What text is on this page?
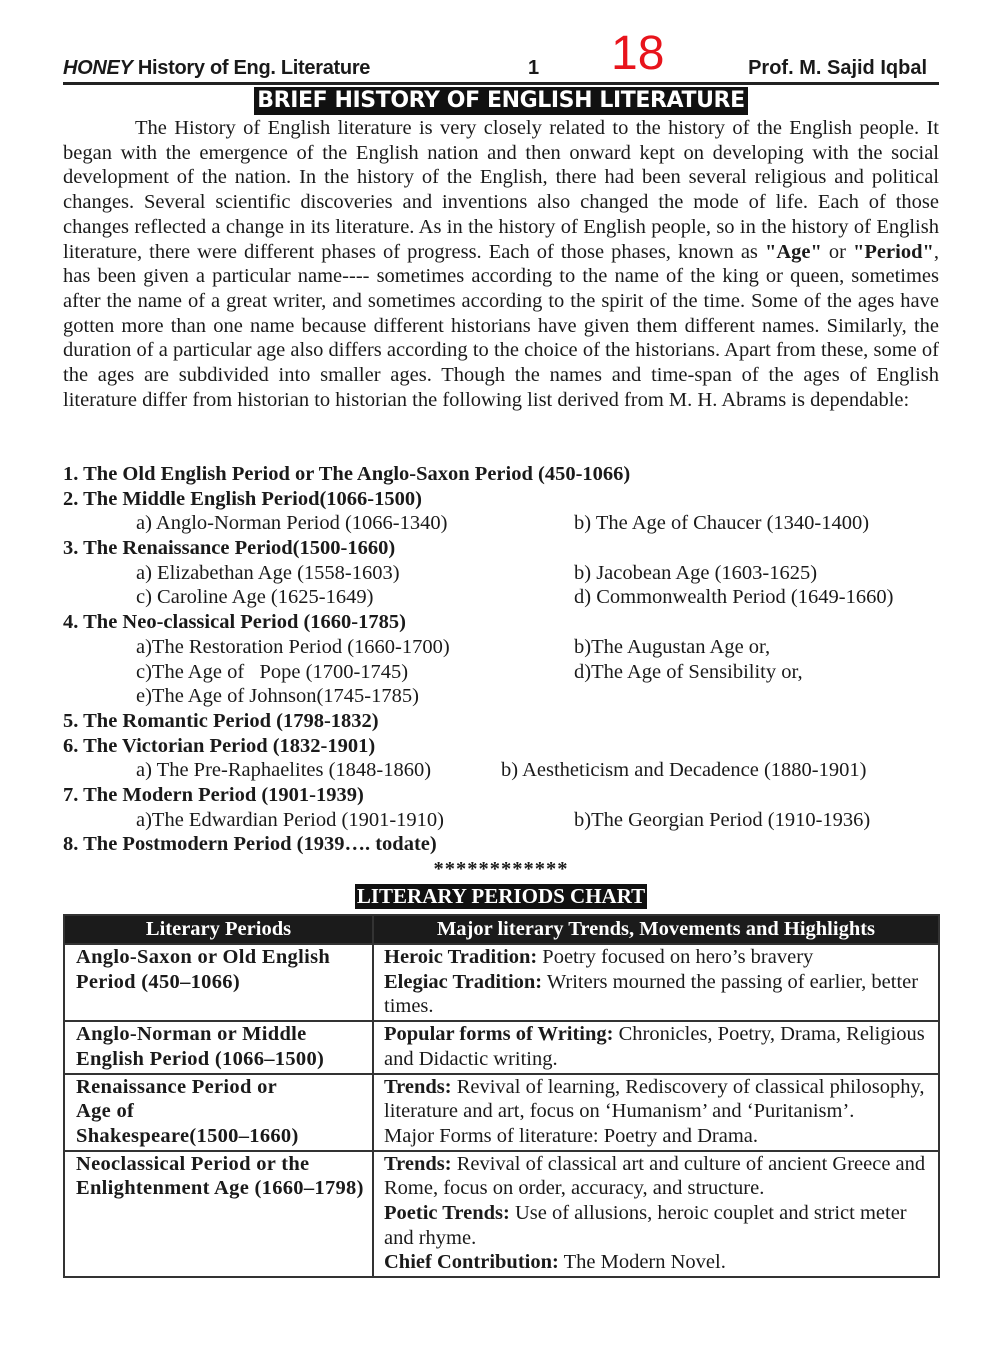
HONEY History of Eng. Literature	1 18	Prof. M. Sajid Iqbal
BRIEF HISTORY OF ENGLISH LITERATURE
The History of English literature is very closely related to the history of the English people. It began with the emergence of the English nation and then onward kept on developing with the social development of the nation. In the history of the English, there had been several religious and political changes. Several scientific discoveries and inventions also changed the mode of life. Each of those changes reflected a change in its literature. As in the history of English people, so in the history of English literature, there were different phases of progress. Each of those phases, known as "Age" or "Period", has been given a particular name---- sometimes according to the name of the king or queen, sometimes after the name of a great writer, and sometimes according to the spirit of the time. Some of the ages have gotten more than one name because different historians have given them different names. Similarly, the duration of a particular age also differs according to the choice of the historians. Apart from these, some of the ages are subdivided into smaller ages. Though the names and time-span of the ages of English literature differ from historian to historian the following list derived from M. H. Abrams is dependable:
1. The Old English Period or The Anglo-Saxon Period (450-1066)
2. The Middle English Period(1066-1500)
a) Anglo-Norman Period (1066-1340)	b) The Age of Chaucer (1340-1400)
3. The Renaissance Period(1500-1660)
a) Elizabethan Age (1558-1603)	b) Jacobean Age (1603-1625)
c) Caroline Age (1625-1649)	d) Commonwealth Period (1649-1660)
4. The Neo-classical Period (1660-1785)
a)The Restoration Period (1660-1700)	b)The Augustan Age or,
c)The Age of   Pope (1700-1745)	d)The Age of Sensibility or,
e)The Age of Johnson(1745-1785)
5. The Romantic Period (1798-1832)
6. The Victorian Period (1832-1901)
a) The Pre-Raphaelites (1848-1860)	b) Aestheticism and Decadence (1880-1901)
7. The Modern Period (1901-1939)
a)The Edwardian Period (1901-1910)	b)The Georgian Period (1910-1936)
8. The Postmodern Period (1939…. todate)
************
LITERARY PERIODS CHART
Literary Periods	Major literary Trends, Movements and Highlights
Anglo-Saxon or Old English Period (450–1066)	Heroic Tradition: Poetry focused on hero’s bravery
Elegiac Tradition: Writers mourned the passing of earlier, better times.

Anglo-Norman or Middle English Period (1066–1500)	Popular forms of Writing: Chronicles, Poetry, Drama, Religious and Didactic writing.

Renaissance Period or Age of Shakespeare(1500–1660)	Trends: Revival of learning, Rediscovery of classical philosophy, literature and art, focus on ‘Humanism’ and ‘Puritanism’.
Major Forms of literature: Poetry and Drama.

Neoclassical Period or the Enlightenment Age (1660–1798)	Trends: Revival of classical art and culture of ancient Greece and Rome, focus on order, accuracy, and structure.
Poetic Trends: Use of allusions, heroic couplet and strict meter and rhyme.
Chief Contribution: The Modern Novel.
